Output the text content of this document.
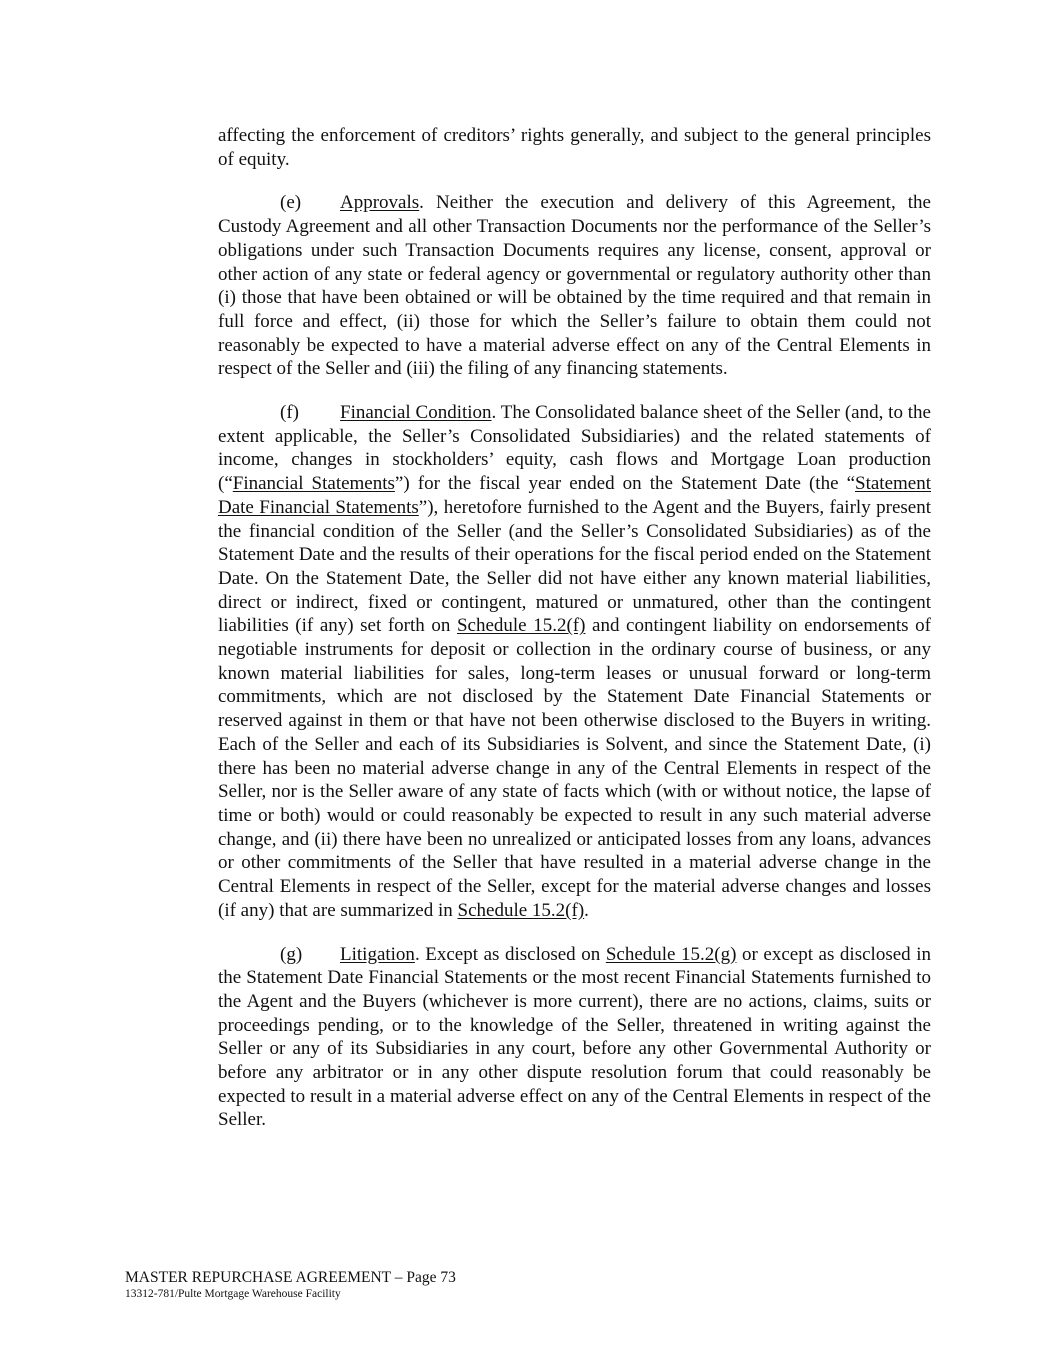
affecting the enforcement of creditors’ rights generally, and subject to the general principles of equity.

(e) Approvals. Neither the execution and delivery of this Agreement, the Custody Agreement and all other Transaction Documents nor the performance of the Seller’s obligations under such Transaction Documents requires any license, consent, approval or other action of any state or federal agency or governmental or regulatory authority other than (i) those that have been obtained or will be obtained by the time required and that remain in full force and effect, (ii) those for which the Seller’s failure to obtain them could not reasonably be expected to have a material adverse effect on any of the Central Elements in respect of the Seller and (iii) the filing of any financing statements.

(f) Financial Condition. The Consolidated balance sheet of the Seller (and, to the extent applicable, the Seller’s Consolidated Subsidiaries) and the related statements of income, changes in stockholders’ equity, cash flows and Mortgage Loan production (“Financial Statements”) for the fiscal year ended on the Statement Date (the “Statement Date Financial Statements”), heretofore furnished to the Agent and the Buyers, fairly present the financial condition of the Seller (and the Seller’s Consolidated Subsidiaries) as of the Statement Date and the results of their operations for the fiscal period ended on the Statement Date. On the Statement Date, the Seller did not have either any known material liabilities, direct or indirect, fixed or contingent, matured or unmatured, other than the contingent liabilities (if any) set forth on Schedule 15.2(f) and contingent liability on endorsements of negotiable instruments for deposit or collection in the ordinary course of business, or any known material liabilities for sales, long-term leases or unusual forward or long-term commitments, which are not disclosed by the Statement Date Financial Statements or reserved against in them or that have not been otherwise disclosed to the Buyers in writing. Each of the Seller and each of its Subsidiaries is Solvent, and since the Statement Date, (i) there has been no material adverse change in any of the Central Elements in respect of the Seller, nor is the Seller aware of any state of facts which (with or without notice, the lapse of time or both) would or could reasonably be expected to result in any such material adverse change, and (ii) there have been no unrealized or anticipated losses from any loans, advances or other commitments of the Seller that have resulted in a material adverse change in the Central Elements in respect of the Seller, except for the material adverse changes and losses (if any) that are summarized in Schedule 15.2(f).

(g) Litigation. Except as disclosed on Schedule 15.2(g) or except as disclosed in the Statement Date Financial Statements or the most recent Financial Statements furnished to the Agent and the Buyers (whichever is more current), there are no actions, claims, suits or proceedings pending, or to the knowledge of the Seller, threatened in writing against the Seller or any of its Subsidiaries in any court, before any other Governmental Authority or before any arbitrator or in any other dispute resolution forum that could reasonably be expected to result in a material adverse effect on any of the Central Elements in respect of the Seller.

MASTER REPURCHASE AGREEMENT – Page 73
13312-781/Pulte Mortgage Warehouse Facility
